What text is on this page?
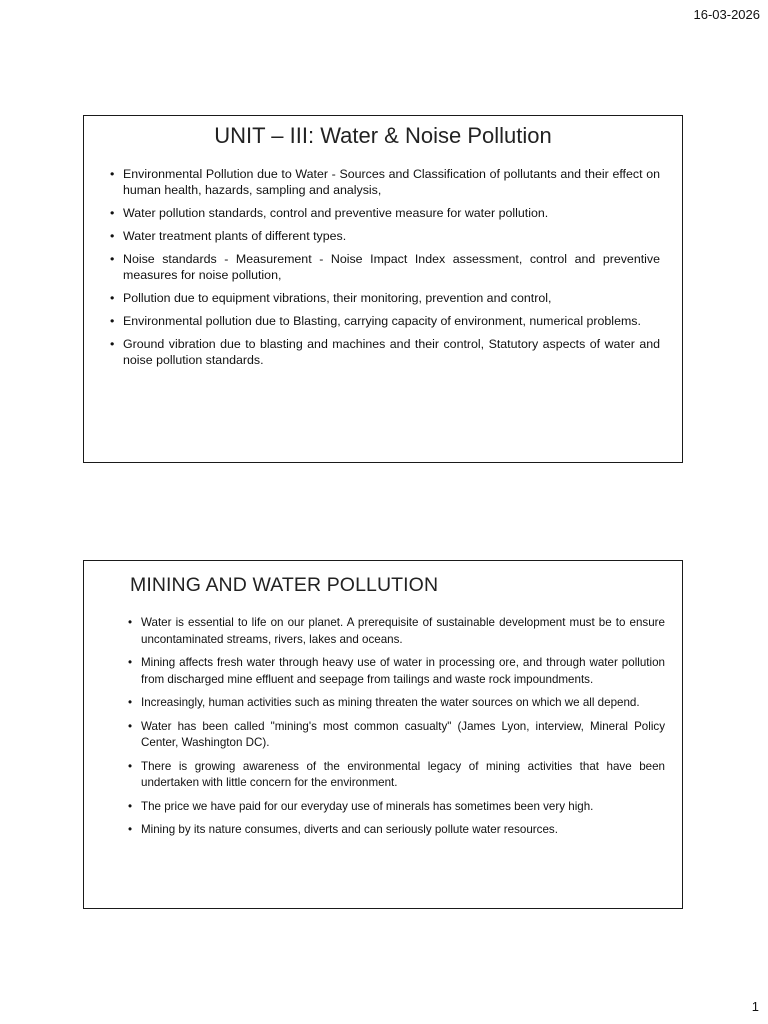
16-03-2026
UNIT – III: Water & Noise Pollution
• Environmental Pollution due to Water - Sources and Classification of pollutants and their effect on human health, hazards, sampling and analysis,
• Water pollution standards, control and preventive measure for water pollution.
• Water treatment plants of different types.
• Noise standards - Measurement - Noise Impact Index assessment, control and preventive measures for noise pollution,
• Pollution due to equipment vibrations, their monitoring, prevention and control,
• Environmental pollution due to Blasting, carrying capacity of environment, numerical problems.
• Ground vibration due to blasting and machines and their control, Statutory aspects of water and noise pollution standards.
MINING AND WATER POLLUTION
• Water is essential to life on our planet. A prerequisite of sustainable development must be to ensure uncontaminated streams, rivers, lakes and oceans.
• Mining affects fresh water through heavy use of water in processing ore, and through water pollution from discharged mine effluent and seepage from tailings and waste rock impoundments.
• Increasingly, human activities such as mining threaten the water sources on which we all depend.
• Water has been called "mining's most common casualty" (James Lyon, interview, Mineral Policy Center, Washington DC).
• There is growing awareness of the environmental legacy of mining activities that have been undertaken with little concern for the environment.
• The price we have paid for our everyday use of minerals has sometimes been very high.
• Mining by its nature consumes, diverts and can seriously pollute water resources.
1
